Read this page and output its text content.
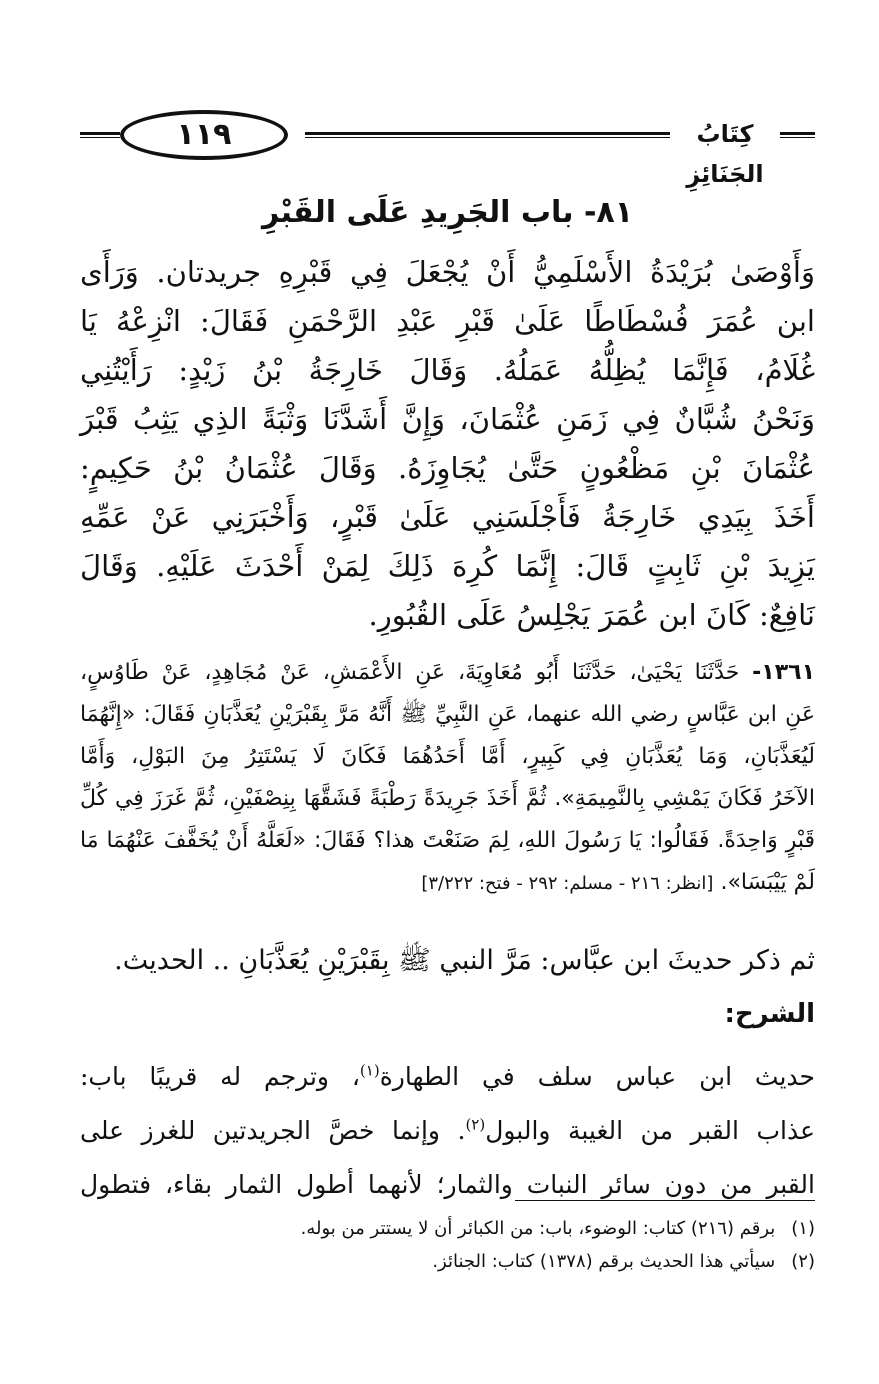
١١٩	كِتَابُ الجَنَائِزِ
٨١- باب الجَرِيدِ عَلَى القَبْرِ
وَأَوْصَىٰ بُرَيْدَةُ الأَسْلَمِيُّ أَنْ يُجْعَلَ فِي قَبْرِهِ جريدتان. وَرَأَى
ابن عُمَرَ فُسْطَاطًا عَلَىٰ قَبْرِ عَبْدِ الرَّحْمَنِ فَقَالَ: انْزِعْهُ يَا
غُلَامُ، فَإِنَّمَا يُظِلُّهُ عَمَلُهُ. وَقَالَ خَارِجَةُ بْنُ زَيْدٍ: رَأَيْتُنِي
وَنَحْنُ شُبَّانٌ فِي زَمَنِ عُثْمَانَ، وَإِنَّ أَشَدَّنَا وَثْبَةً الذِي يَثِبُ قَبْرَ
عُثْمَانَ بْنِ مَظْعُونٍ حَتَّىٰ يُجَاوِزَهُ. وَقَالَ عُثْمَانُ بْنُ حَكِيمٍ:
أَخَذَ بِيَدِي خَارِجَةُ فَأَجْلَسَنِي عَلَىٰ قَبْرٍ، وَأَخْبَرَنِي عَنْ عَمِّهِ
يَزِيدَ بْنِ ثَابِتٍ قَالَ: إِنَّمَا كُرِهَ ذَلِكَ لِمَنْ أَحْدَثَ عَلَيْهِ. وَقَالَ
نَافِعٌ: كَانَ ابن عُمَرَ يَجْلِسُ عَلَى القُبُورِ.
١٣٦١- حَدَّثَنَا يَحْيَىٰ، حَدَّثَنَا أَبُو مُعَاوِيَةَ، عَنِ الأَعْمَشِ، عَنْ مُجَاهِدٍ، عَنْ طَاوُسٍ،
عَنِ ابن عَبَّاسٍ رضي الله عنهما، عَنِ النَّبِيِّ ﷺ أَنَّهُ مَرَّ بِقَبْرَيْنِ يُعَذَّبَانِ فَقَالَ: «إِنَّهُمَا
لَيُعَذَّبَانِ، وَمَا يُعَذَّبَانِ فِي كَبِيرٍ، أَمَّا أَحَدُهُمَا فَكَانَ لَا يَسْتَتِرُ مِنَ البَوْلِ، وَأَمَّا
الآخَرُ فَكَانَ يَمْشِي بِالنَّمِيمَةِ». ثُمَّ أَخَذَ جَرِيدَةً رَطْبَةً فَشَقَّهَا بِنِصْفَيْنِ، ثُمَّ غَرَزَ فِي كُلِّ
قَبْرٍ وَاحِدَةً. فَقَالُوا: يَا رَسُولَ اللهِ، لِمَ صَنَعْتَ هذا؟ فَقَالَ: «لَعَلَّهُ أَنْ يُخَفَّفَ عَنْهُمَا مَا
لَمْ يَيْبَسَا». [انظر: ٢١٦ - مسلم: ٢٩٢ - فتح: ٣/٢٢٢]
ثم ذكر حديثَ ابن عبَّاس: مَرَّ النبي ﷺ بِقَبْرَيْنِ يُعَذَّبَانِ .. الحديث.
الشرح:
حديث ابن عباس سلف في الطهارة$^{(١)}$، وترجم له قريبًا باب:
عذاب القبر من الغيبة والبول$^{(٢)}$. وإنما خصَّ الجريدتين للغرز على
القبر من دون سائر النبات والثمار؛ لأنهما أطول الثمار بقاء، فتطول
(١) برقم (٢١٦) كتاب: الوضوء، باب: من الكبائر أن لا يستتر من بوله.
(٢) سيأتي هذا الحديث برقم (١٣٧٨) كتاب: الجنائز.
